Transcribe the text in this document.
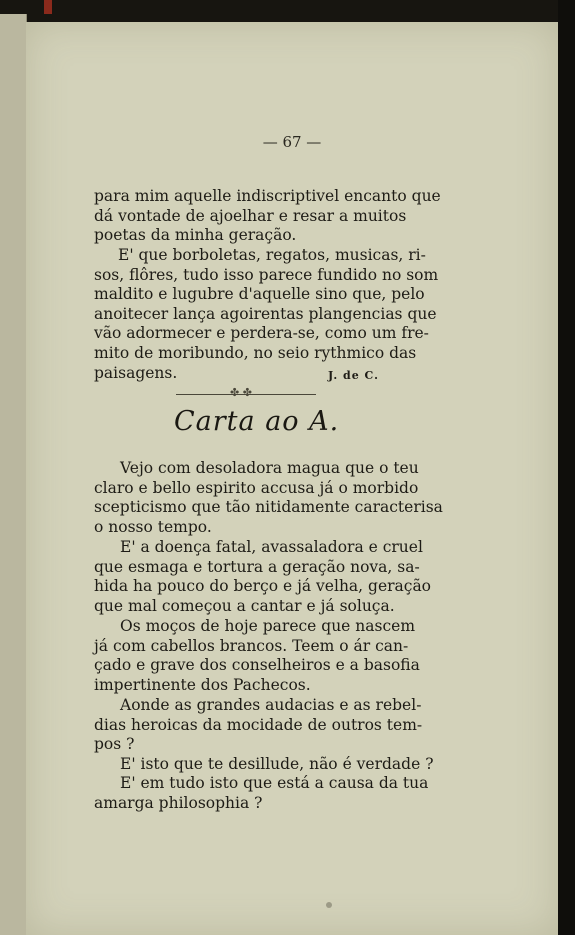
— 67 —
para mim aquelle indiscriptivel encanto que
dá vontade de ajoelhar e resar a muitos
poetas da minha geração.
E' que borboletas, regatos, musicas, ri-
sos, flôres, tudo isso parece fundido no som
maldito e lugubre d'aquelle sino que, pelo
anoitecer lança agoirentas plangencias que
vão adormecer e perdera-se, como um fre-
mito de moribundo, no seio rythmico das
paisagens.	J. de C.
✤ ✤
Carta ao A.
Vejo com desoladora magua que o teu
claro e bello espirito accusa já o morbido
scepticismo que tão nitidamente caracterisa
o nosso tempo.
E' a doença fatal, avassaladora e cruel
que esmaga e tortura a geração nova, sa-
hida ha pouco do berço e já velha, geração
que mal começou a cantar e já soluça.
Os moços de hoje parece que nascem
já com cabellos brancos. Teem o ár can-
çado e grave dos conselheiros e a basofia
impertinente dos Pachecos.
Aonde as grandes audacias e as rebel-
dias heroicas da mocidade de outros tem-
pos ?
E' isto que te desillude, não é verdade ?
E' em tudo isto que está a causa da tua
amarga philosophia ?
